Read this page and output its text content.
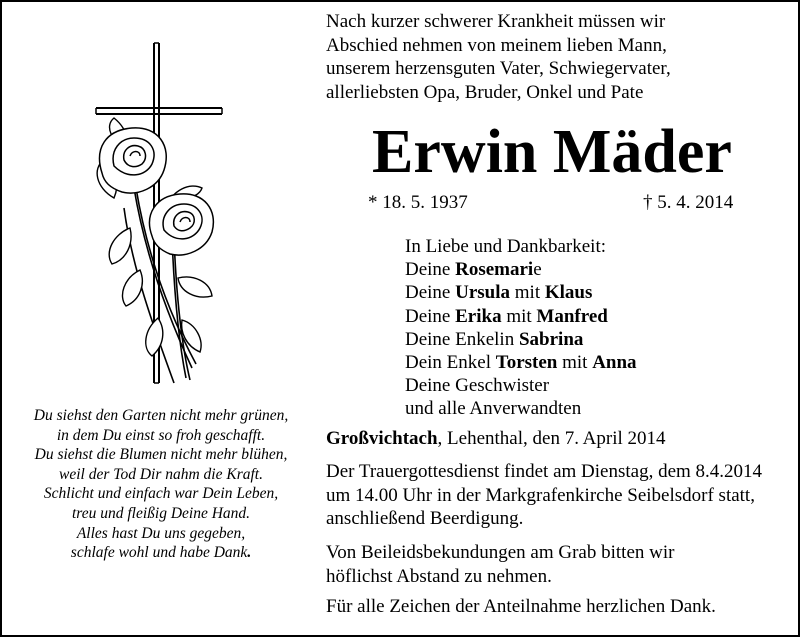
Du siehst den Garten nicht mehr grünen,
in dem Du einst so froh geschafft.
Du siehst die Blumen nicht mehr blühen,
weil der Tod Dir nahm die Kraft.
Schlicht und einfach war Dein Leben,
treu und fleißig Deine Hand.
Alles hast Du uns gegeben,
schlafe wohl und habe Dank.
Nach kurzer schwerer Krankheit müssen wir
Abschied nehmen von meinem lieben Mann,
unserem herzensguten Vater, Schwiegervater,
allerliebsten Opa, Bruder, Onkel und Pate
Erwin Mäder
* 18. 5. 1937	† 5. 4. 2014
In Liebe und Dankbarkeit:
Deine Rosemarie
Deine Ursula mit Klaus
Deine Erika mit Manfred
Deine Enkelin Sabrina
Dein Enkel Torsten mit Anna
Deine Geschwister
und alle Anverwandten
Großvichtach, Lehenthal, den 7. April 2014
Der Trauergottesdienst findet am Dienstag, dem 8.4.2014
um 14.00 Uhr in der Markgrafenkirche Seibelsdorf statt,
anschließend Beerdigung.
Von Beileidsbekundungen am Grab bitten wir
höflichst Abstand zu nehmen.
Für alle Zeichen der Anteilnahme herzlichen Dank.
